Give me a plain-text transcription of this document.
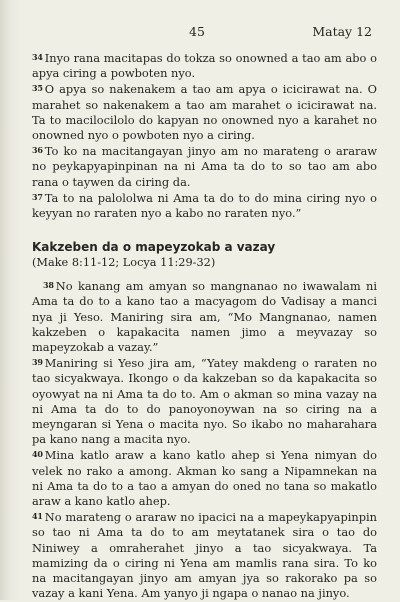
45	Matay 12

34 Inyo rana macitapas do tokza so onowned a tao am abo o apya ciring a powboten nyo.

35 O apya so nakenakem a tao am apya o icicirawat na. O marahet so nakenakem a tao am marahet o icicirawat na. Ta to macilocilolo do kapyan no onowned nyo a karahet no onowned nyo o powboten nyo a ciring.

36 To ko na macitangayan jinyo am no marateng o araraw no peykapyapinpinan na ni Ama ta do to so tao am abo rana o taywen da ciring da.

37 Ta to na palololwa ni Ama ta do to do mina ciring nyo o keyyan no raraten nyo a kabo no raraten nyo.”

Kakzeben da o mapeyzokab a vazay
(Make 8:11-12; Locya 11:29-32)

38 No kanang am amyan so mangnanao no iwawalam ni Ama ta do to a kano tao a macyagom do Vadisay a manci nya ji Yeso. Maniring sira am, “Mo Mangnanao, namen kakzeben o kapakacita namen jimo a meyvazay so mapeyzokab a vazay.”

39 Maniring si Yeso jira am, “Yatey makdeng o raraten no tao sicyakwaya. Ikongo o da kakzeban so da kapakacita so oyowyat na ni Ama ta do to. Am o akman so mina vazay na ni Ama ta do to do panoyonoywan na so ciring na a meyngaran si Yena o macita nyo. So ikabo no maharahara pa kano nang a macita nyo.

40 Mina katlo araw a kano katlo ahep si Yena nimyan do velek no rako a among. Akman ko sang a Nipamnekan na ni Ama ta do to a tao a amyan do oned no tana so makatlo araw a kano katlo ahep.

41 No marateng o araraw no ipacici na a mapeykapyapinpin so tao ni Ama ta do to am meytatanek sira o tao do Niniwey a omraherahet jinyo a tao sicyakwaya. Ta mamizing da o ciring ni Yena am mamlis rana sira. To ko na macitangayan jinyo am amyan jya so rakorako pa so vazay a kani Yena. Am yanyo ji ngapa o nanao na jinyo.
